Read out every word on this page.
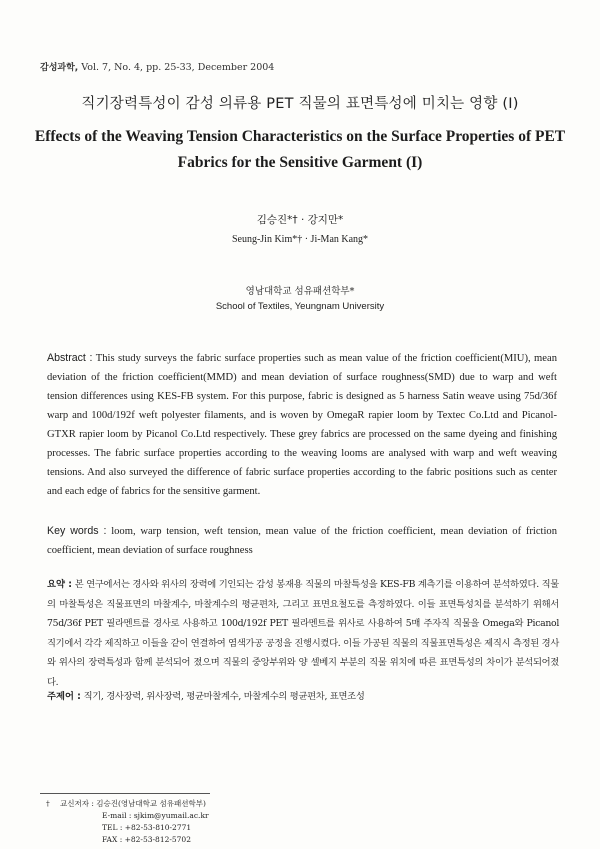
감성과학, Vol. 7, No. 4, pp. 25-33, December 2004
직기장력특성이 감성 의류용 PET 직물의 표면특성에 미치는 영향 (Ⅰ)
Effects of the Weaving Tension Characteristics on the Surface Properties of PET Fabrics for the Sensitive Garment (I)
김승진*† · 강지만*
Seung-Jin Kim*† · Ji-Man Kang*
영남대학교 섬유패션학부*
School of Textiles, Yeungnam University
Abstract : This study surveys the fabric surface properties such as mean value of the friction coefficient(MIU), mean deviation of the friction coefficient(MMD) and mean deviation of surface roughness(SMD) due to warp and weft tension differences using KES-FB system. For this purpose, fabric is designed as 5 harness Satin weave using 75d/36f warp and 100d/192f weft polyester filaments, and is woven by OmegaR rapier loom by Textec Co.Ltd and Picanol-GTXR rapier loom by Picanol Co.Ltd respectively. These grey fabrics are processed on the same dyeing and finishing processes. The fabric surface properties according to the weaving looms are analysed with warp and weft weaving tensions. And also surveyed the difference of fabric surface properties according to the fabric positions such as center and each edge of fabrics for the sensitive garment.
Key words : loom, warp tension, weft tension, mean value of the friction coefficient, mean deviation of friction coefficient, mean deviation of surface roughness
요약 : 본 연구에서는 경사와 위사의 장력에 기인되는 감성 봉재용 직물의 마찰특성을 KES-FB 계측기를 이용하여 분석하였다. 직물의 마찰특성은 직물표면의 마찰계수, 마찰계수의 평균편차, 그리고 표면요철도를 측정하였다. 이들 표면특성치를 분석하기 위해서 75d/36f PET 필라멘트를 경사로 사용하고 100d/192f PET 필라멘트를 위사로 사용하여 5매 주자직 직물을 Omega와 Picanol 직기에서 각각 제직하고 이들을 같이 연결하여 염색가공 공정을 진행시켰다. 이들 가공된 직물의 직물표면특성은 제직시 측정된 경사와 위사의 장력특성과 함께 분석되어 졌으며 직물의 중앙부위와 양 셀베지 부분의 직물 위치에 따른 표면특성의 차이가 분석되어졌다.
주제어 : 직기, 경사장력, 위사장력, 평균마찰계수, 마찰계수의 평균편차, 표면조성
† 교신저자 : 김승진(영남대학교 섬유패션학부)
E-mail : sjkim@yumail.ac.kr
TEL : +82-53-810-2771
FAX : +82-53-812-5702
